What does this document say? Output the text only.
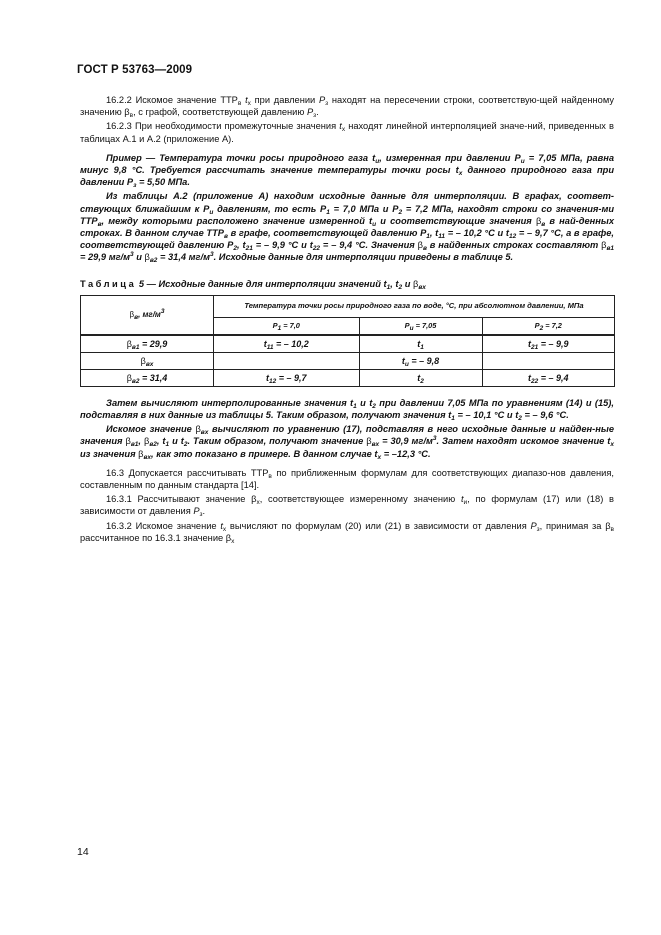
ГОСТ Р 53763—2009

16.2.2 Искомое значение $ТТР_в$ $t_х$ при давлении $P_з$ находят на пересечении строки, соответствую-щей найденному значению $\beta_в$, с графой, соответствующей давлению $P_з$.

16.2.3 При необходимости промежуточные значения $t_х$ находят линейной интерполяцией значе-ний, приведенных в таблицах А.1 и А.2 (приложение А).

Пример — Температура точки росы природного газа $t_и$, измеренная при давлении $P_и = 7,05$ МПа, равна минус 9,8 °С. Требуется рассчитать значение температуры точки росы $t_х$ данного природного газа при давлении $P_з = 5,50$ МПа.

Из таблицы А.2 (приложение А) находим исходные данные для интерполяции. В графах, соответ-ствующих ближайшим к $P_и$ давлениям, то есть $P_1 = 7,0$ МПа и $P_2 = 7,2$ МПа, находят строки со значения-ми $ТТР_в$, между которыми расположено значение измеренной $t_и$ и соответствующие значения $\beta_в$ в най-денных строках. В данном случае $ТТР_в$ в графе, соответствующей давлению $P_1$, $t_{11}$ = – 10,2 °С и $t_{12}$ = – 9,7 °С, а в графе, соответствующей давлению $P_2$, $t_{21}$ = – 9,9 °С и $t_{22}$ = – 9,4 °С. Значения $\beta_в$ в найденных строках составляют $\beta_{в1} = 29,9$ $мг/м^3$ и $\beta_{в2} = 31,4$ $мг/м^3$. Исходные данные для интерполяции приведены в таблице 5.

Таблица 5 — Исходные данные для интерполяции значений $t_1$, $t_2$ и $\beta_{вх}$
$\beta_в$, $мг/м^3$	Температура точки росы природного газа по воде, °С, при абсолютном давлении, МПа		
	$P_1 = 7,0$	$P_и = 7,05$	$P_2 = 7,2$
$\beta_{в1} = 29,9$	$t_{11}$ = – 10,2	$t_1$	$t_{21}$ = – 9,9
$\beta_{вх}$		$t_и$ = – 9,8	
$\beta_{в2} = 31,4$	$t_{12}$ = – 9,7	$t_2$	$t_{22}$ = – 9,4

Затем вычисляют интерполированные значения $t_1$ и $t_2$ при давлении 7,05 МПа по уравнениям (14) и (15), подставляя в них данные из таблицы 5. Таким образом, получают значения $t_1$ = – 10,1 °С и $t_2$ = – 9,6 °С.

Искомое значение $\beta_{вх}$ вычисляют по уравнению (17), подставляя в него исходные данные и найден-ные значения $\beta_{в1}$, $\beta_{в2}$, $t_1$ и $t_2$. Таким образом, получают значение $\beta_{вх} = 30,9$ $мг/м^3$. Затем находят искомое значение $t_х$ из значения $\beta_{вх}$, как это показано в примере. В данном случае $t_х = -12,3$ °С.

16.3 Допускается рассчитывать $ТТР_в$ по приближенным формулам для соответствующих диапазо-нов давления, составленным по данным стандарта [14].

16.3.1 Рассчитывают значение $\beta_х$, соответствующее измеренному значению $t_и$, по формулам (17) или (18) в зависимости от давления $P_з$.

16.3.2 Искомое значение $t_х$ вычисляют по формулам (20) или (21) в зависимости от давления $P_з$, принимая за $\beta_в$ рассчитанное по 16.3.1 значение $\beta_х$

14
